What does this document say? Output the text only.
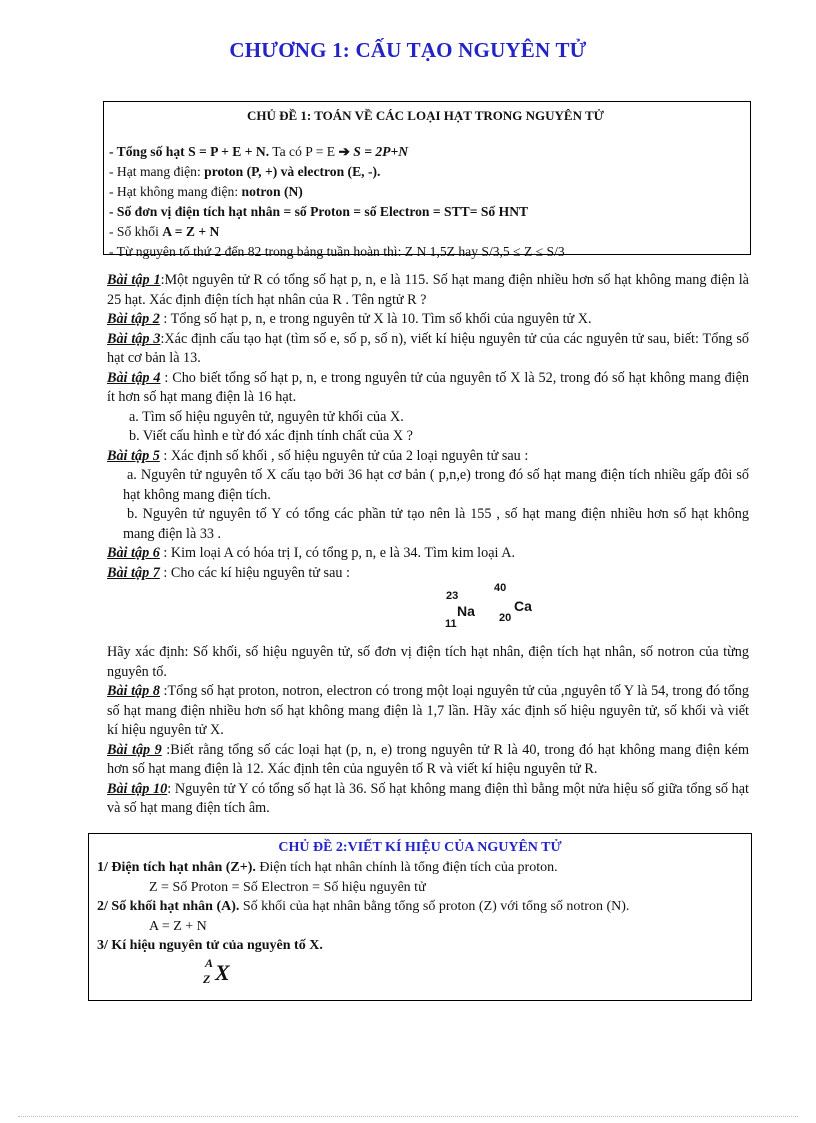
CHƯƠNG 1: CẤU TẠO NGUYÊN TỬ
CHỦ ĐỀ 1: TOÁN VỀ CÁC LOẠI HẠT TRONG NGUYÊN TỬ
- Tổng số hạt S = P + E + N. Ta có P = E ➔ S = 2P+N
- Hạt mang điện: proton (P, +) và electron (E, -).
- Hạt không mang điện: notron (N)
- Số đơn vị điện tích hạt nhân = số Proton = số Electron = STT= Số HNT
- Số khối A = Z + N
- Từ nguyên tố thứ 2 đến 82 trong bảng tuần hoàn thì: Z N 1,5Z hay S/3,5 ≤ Z ≤ S/3

Bài tập 1:Một nguyên tử R có tổng số hạt p, n, e là 115. Số hạt mang điện nhiều hơn số hạt không mang điện là 25 hạt. Xác định điện tích hạt nhân của R . Tên ngtử R ?

Bài tập 2 : Tổng số hạt p, n, e trong nguyên tử X là 10. Tìm số khối của nguyên tử X.

Bài tập 3:Xác định cấu tạo hạt (tìm số e, số p, số n), viết kí hiệu nguyên tử của các nguyên tử sau, biết: Tổng số hạt cơ bản là 13.

Bài tập 4 : Cho biết tổng số hạt p, n, e trong nguyên tử của nguyên tố X là 52, trong đó số hạt không mang điện ít hơn số hạt mang điện là 16 hạt.

a. Tìm số hiệu nguyên tử, nguyên tử khối của X.

b. Viết cấu hình e từ đó xác định tính chất của X ?

Bài tập 5 : Xác định số khối , số hiệu nguyên tử của 2 loại nguyên tử sau :

a. Nguyên tử nguyên tố X cấu tạo bởi 36 hạt cơ bản ( p,n,e) trong đó số hạt mang điện tích nhiều gấp đôi số hạt không mang điện tích.

b. Nguyên tử nguyên tố Y có tổng các phần tử tạo nên là 155 , số hạt mang điện nhiều hơn số hạt không mang điện là 33 .

Bài tập 6 : Kim loại A có hóa trị I, có tổng p, n, e là 34. Tìm kim loại A.

Bài tập 7 : Cho các kí hiệu nguyên tử sau :

23
11
Na
40
20
Ca

Hãy xác định: Số khối, số hiệu nguyên tử, số đơn vị điện tích hạt nhân, điện tích hạt nhân, số notron của từng nguyên tố.

Bài tập 8 :Tổng số hạt proton, notron, electron có trong một loại nguyên tử của ,nguyên tố Y là 54, trong đó tổng số hạt mang điện nhiều hơn số hạt không mang điện là 1,7 lần. Hãy xác định số hiệu nguyên tử, số khối và viết kí hiệu nguyên tử X.

Bài tập 9 :Biết rằng tổng số các loại hạt (p, n, e) trong nguyên tử R là 40, trong đó hạt không mang điện kém hơn số hạt mang điện là 12. Xác định tên của nguyên tố R và viết kí hiệu nguyên tử R.

Bài tập 10: Nguyên tử Y có tổng số hạt là 36. Số hạt không mang điện thì bằng một nửa hiệu số giữa tổng số hạt và số hạt mang điện tích âm.

CHỦ ĐỀ 2:VIẾT KÍ HIỆU CỦA NGUYÊN TỬ
1/ Điện tích hạt nhân (Z+). Điện tích hạt nhân chính là tổng điện tích của proton.
Z = Số Proton = Số Electron = Số hiệu nguyên tử
2/ Số khối hạt nhân (A). Số khối của hạt nhân bằng tổng số proton (Z) với tổng số notron (N).
A = Z + N
3/ Kí hiệu nguyên tử của nguyên tố X.
A
Z X
